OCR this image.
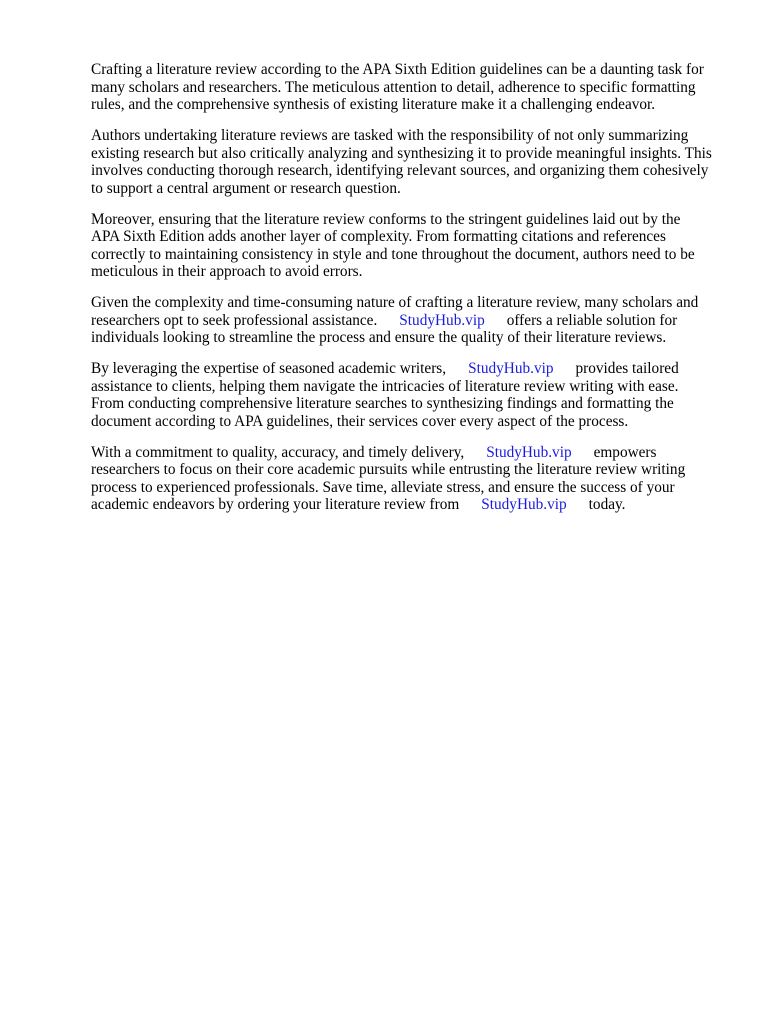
Crafting a literature review according to the APA Sixth Edition guidelines can be a daunting task for
many scholars and researchers. The meticulous attention to detail, adherence to specific formatting
rules, and the comprehensive synthesis of existing literature make it a challenging endeavor.

Authors undertaking literature reviews are tasked with the responsibility of not only summarizing
existing research but also critically analyzing and synthesizing it to provide meaningful insights. This
involves conducting thorough research, identifying relevant sources, and organizing them cohesively
to support a central argument or research question.

Moreover, ensuring that the literature review conforms to the stringent guidelines laid out by the
APA Sixth Edition adds another layer of complexity. From formatting citations and references
correctly to maintaining consistency in style and tone throughout the document, authors need to be
meticulous in their approach to avoid errors.

Given the complexity and time-consuming nature of crafting a literature review, many scholars and
researchers opt to seek professional assistance. StudyHub.vip offers a reliable solution for
individuals looking to streamline the process and ensure the quality of their literature reviews.

By leveraging the expertise of seasoned academic writers, StudyHub.vip provides tailored
assistance to clients, helping them navigate the intricacies of literature review writing with ease.
From conducting comprehensive literature searches to synthesizing findings and formatting the
document according to APA guidelines, their services cover every aspect of the process.

With a commitment to quality, accuracy, and timely delivery, StudyHub.vip empowers
researchers to focus on their core academic pursuits while entrusting the literature review writing
process to experienced professionals. Save time, alleviate stress, and ensure the success of your
academic endeavors by ordering your literature review from StudyHub.vip today.
